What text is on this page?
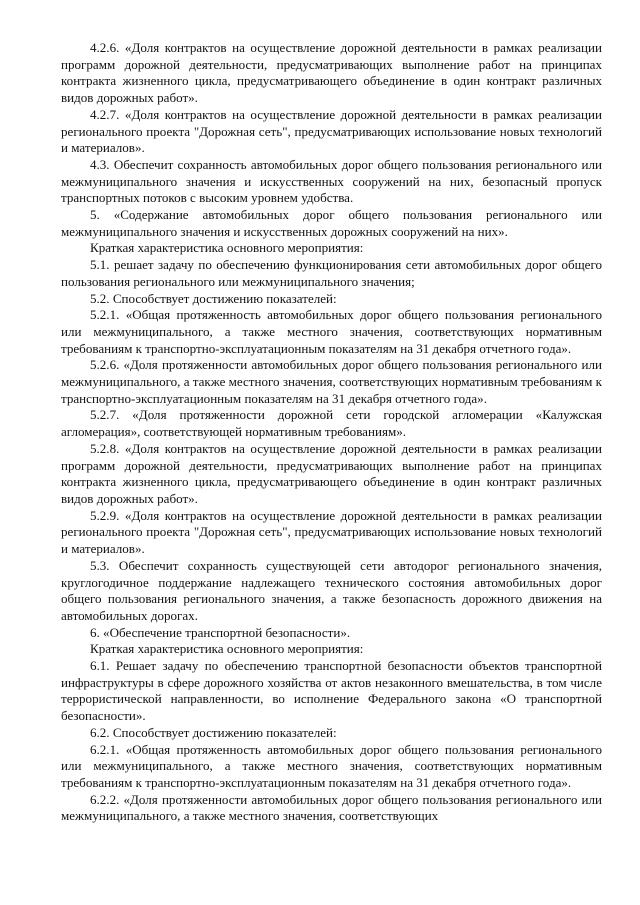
4.2.6. «Доля контрактов на осуществление дорожной деятельности в рамках реализации программ дорожной деятельности, предусматривающих выполнение работ на принципах контракта жизненного цикла, предусматривающего объединение в один контракт различных видов дорожных работ».

4.2.7. «Доля контрактов на осуществление дорожной деятельности в рамках реализации регионального проекта "Дорожная сеть", предусматривающих использование новых технологий и материалов».

4.3. Обеспечит сохранность автомобильных дорог общего пользования регионального или межмуниципального значения и искусственных сооружений на них, безопасный пропуск транспортных потоков с высоким уровнем удобства.

5. «Содержание автомобильных дорог общего пользования регионального или межмуниципального значения и искусственных дорожных сооружений на них».

Краткая характеристика основного мероприятия:

5.1. решает задачу по обеспечению функционирования сети автомобильных дорог общего пользования регионального или межмуниципального значения;

5.2. Способствует достижению показателей:

5.2.1. «Общая протяженность автомобильных дорог общего пользования регионального или межмуниципального, а также местного значения, соответствующих нормативным требованиям к транспортно-эксплуатационным показателям на 31 декабря отчетного года».

5.2.6. «Доля протяженности автомобильных дорог общего пользования регионального или межмуниципального, а также местного значения, соответствующих нормативным требованиям к транспортно-эксплуатационным показателям на 31 декабря отчетного года».

5.2.7. «Доля протяженности дорожной сети городской агломерации «Калужская агломерация», соответствующей нормативным требованиям».

5.2.8. «Доля контрактов на осуществление дорожной деятельности в рамках реализации программ дорожной деятельности, предусматривающих выполнение работ на принципах контракта жизненного цикла, предусматривающего объединение в один контракт различных видов дорожных работ».

5.2.9. «Доля контрактов на осуществление дорожной деятельности в рамках реализации регионального проекта "Дорожная сеть", предусматривающих использование новых технологий и материалов».

5.3. Обеспечит сохранность существующей сети автодорог регионального значения, круглогодичное поддержание надлежащего технического состояния автомобильных дорог общего пользования регионального значения, а также безопасность дорожного движения на автомобильных дорогах.

6. «Обеспечение транспортной безопасности».

Краткая характеристика основного мероприятия:

6.1. Решает задачу по обеспечению транспортной безопасности объектов транспортной инфраструктуры в сфере дорожного хозяйства от актов незаконного вмешательства, в том числе террористической направленности, во исполнение Федерального закона «О транспортной безопасности».

6.2. Способствует достижению показателей:

6.2.1. «Общая протяженность автомобильных дорог общего пользования регионального или межмуниципального, а также местного значения, соответствующих нормативным требованиям к транспортно-эксплуатационным показателям на 31 декабря отчетного года».

6.2.2. «Доля протяженности автомобильных дорог общего пользования регионального или межмуниципального, а также местного значения, соответствующих
